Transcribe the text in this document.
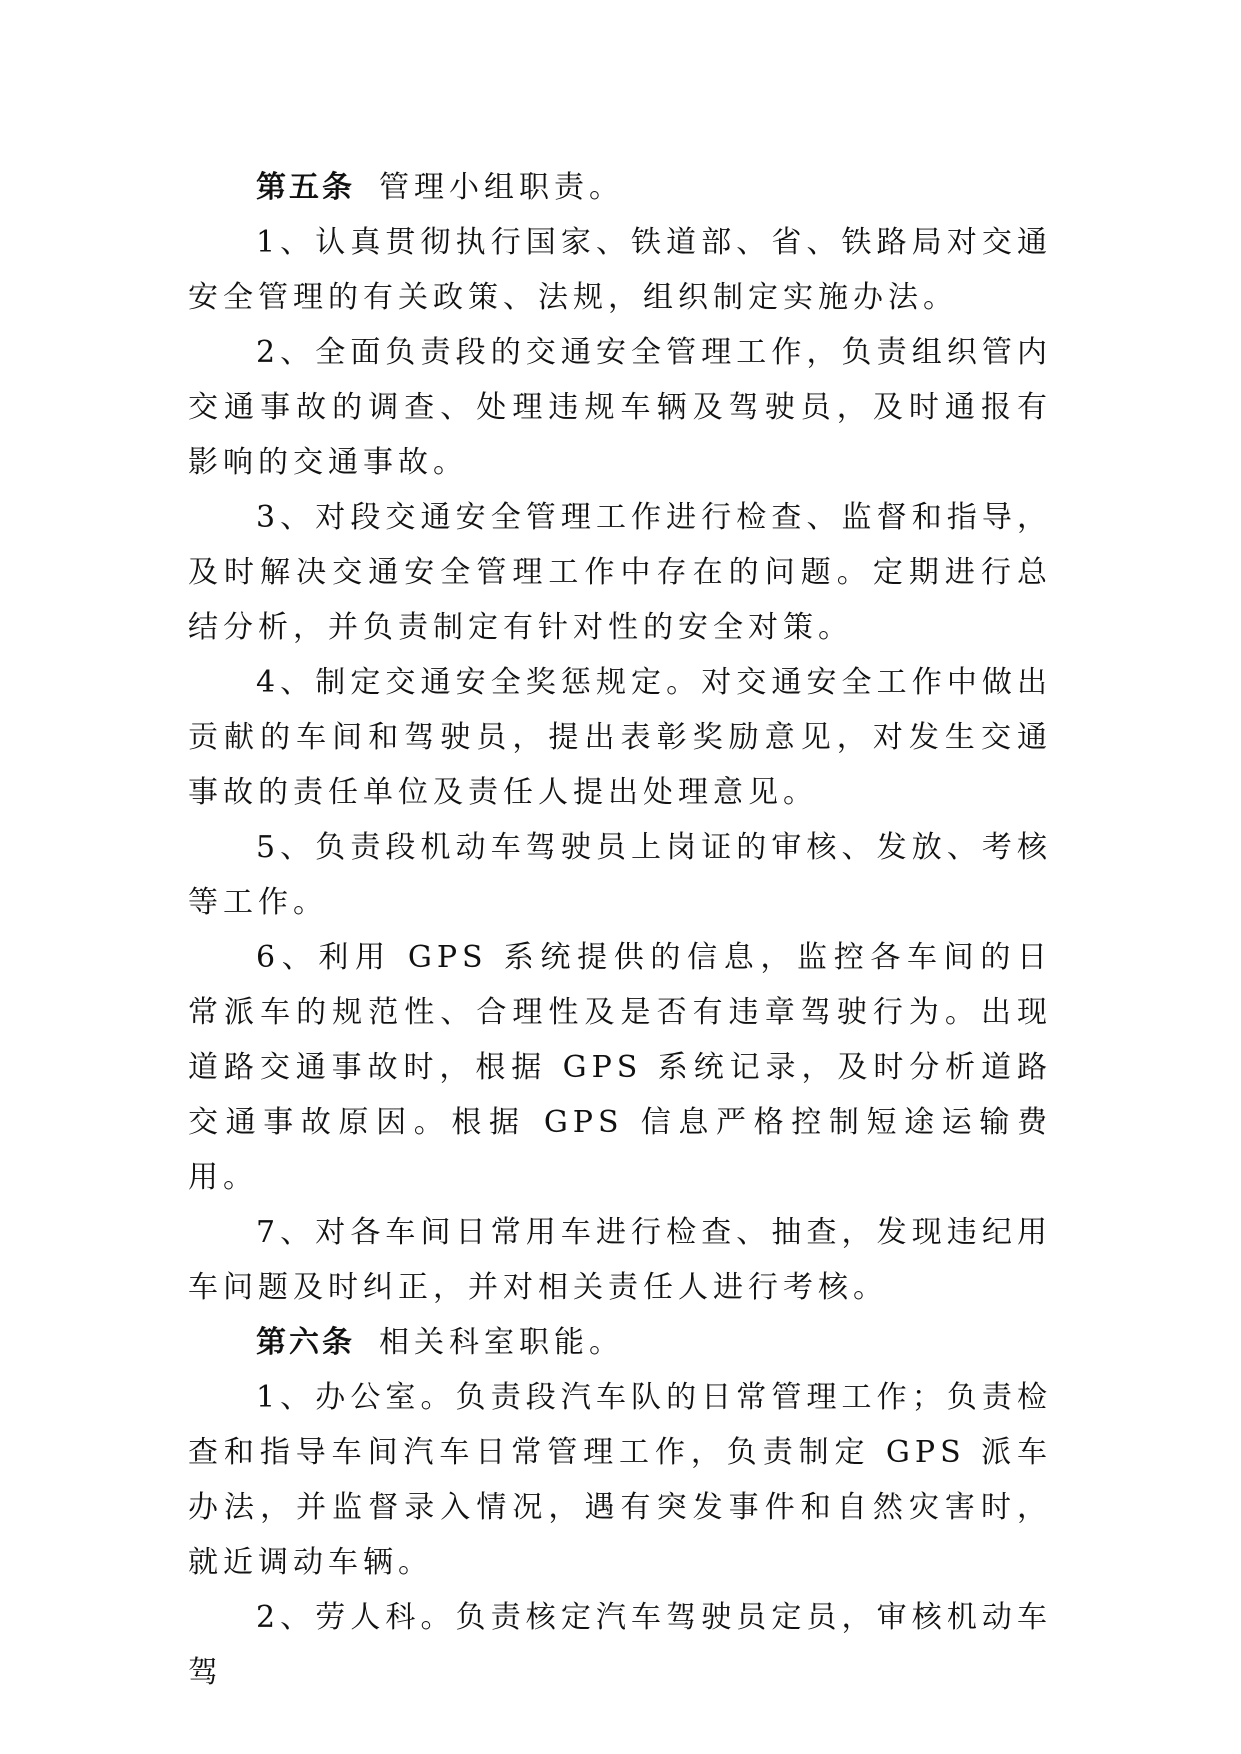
第五条 管理小组职责。

1、认真贯彻执行国家、铁道部、省、铁路局对交通安全管理的有关政策、法规，组织制定实施办法。

2、全面负责段的交通安全管理工作，负责组织管内交通事故的调查、处理违规车辆及驾驶员，及时通报有影响的交通事故。

3、对段交通安全管理工作进行检查、监督和指导，及时解决交通安全管理工作中存在的问题。定期进行总结分析，并负责制定有针对性的安全对策。

4、制定交通安全奖惩规定。对交通安全工作中做出贡献的车间和驾驶员，提出表彰奖励意见，对发生交通事故的责任单位及责任人提出处理意见。

5、负责段机动车驾驶员上岗证的审核、发放、考核等工作。

6、利用 GPS 系统提供的信息，监控各车间的日常派车的规范性、合理性及是否有违章驾驶行为。出现道路交通事故时，根据 GPS 系统记录，及时分析道路交通事故原因。根据 GPS 信息严格控制短途运输费用。

7、对各车间日常用车进行检查、抽查，发现违纪用车问题及时纠正，并对相关责任人进行考核。

第六条 相关科室职能。

1、办公室。负责段汽车队的日常管理工作；负责检查和指导车间汽车日常管理工作，负责制定 GPS 派车办法，并监督录入情况，遇有突发事件和自然灾害时，就近调动车辆。

2、劳人科。负责核定汽车驾驶员定员，审核机动车驾
